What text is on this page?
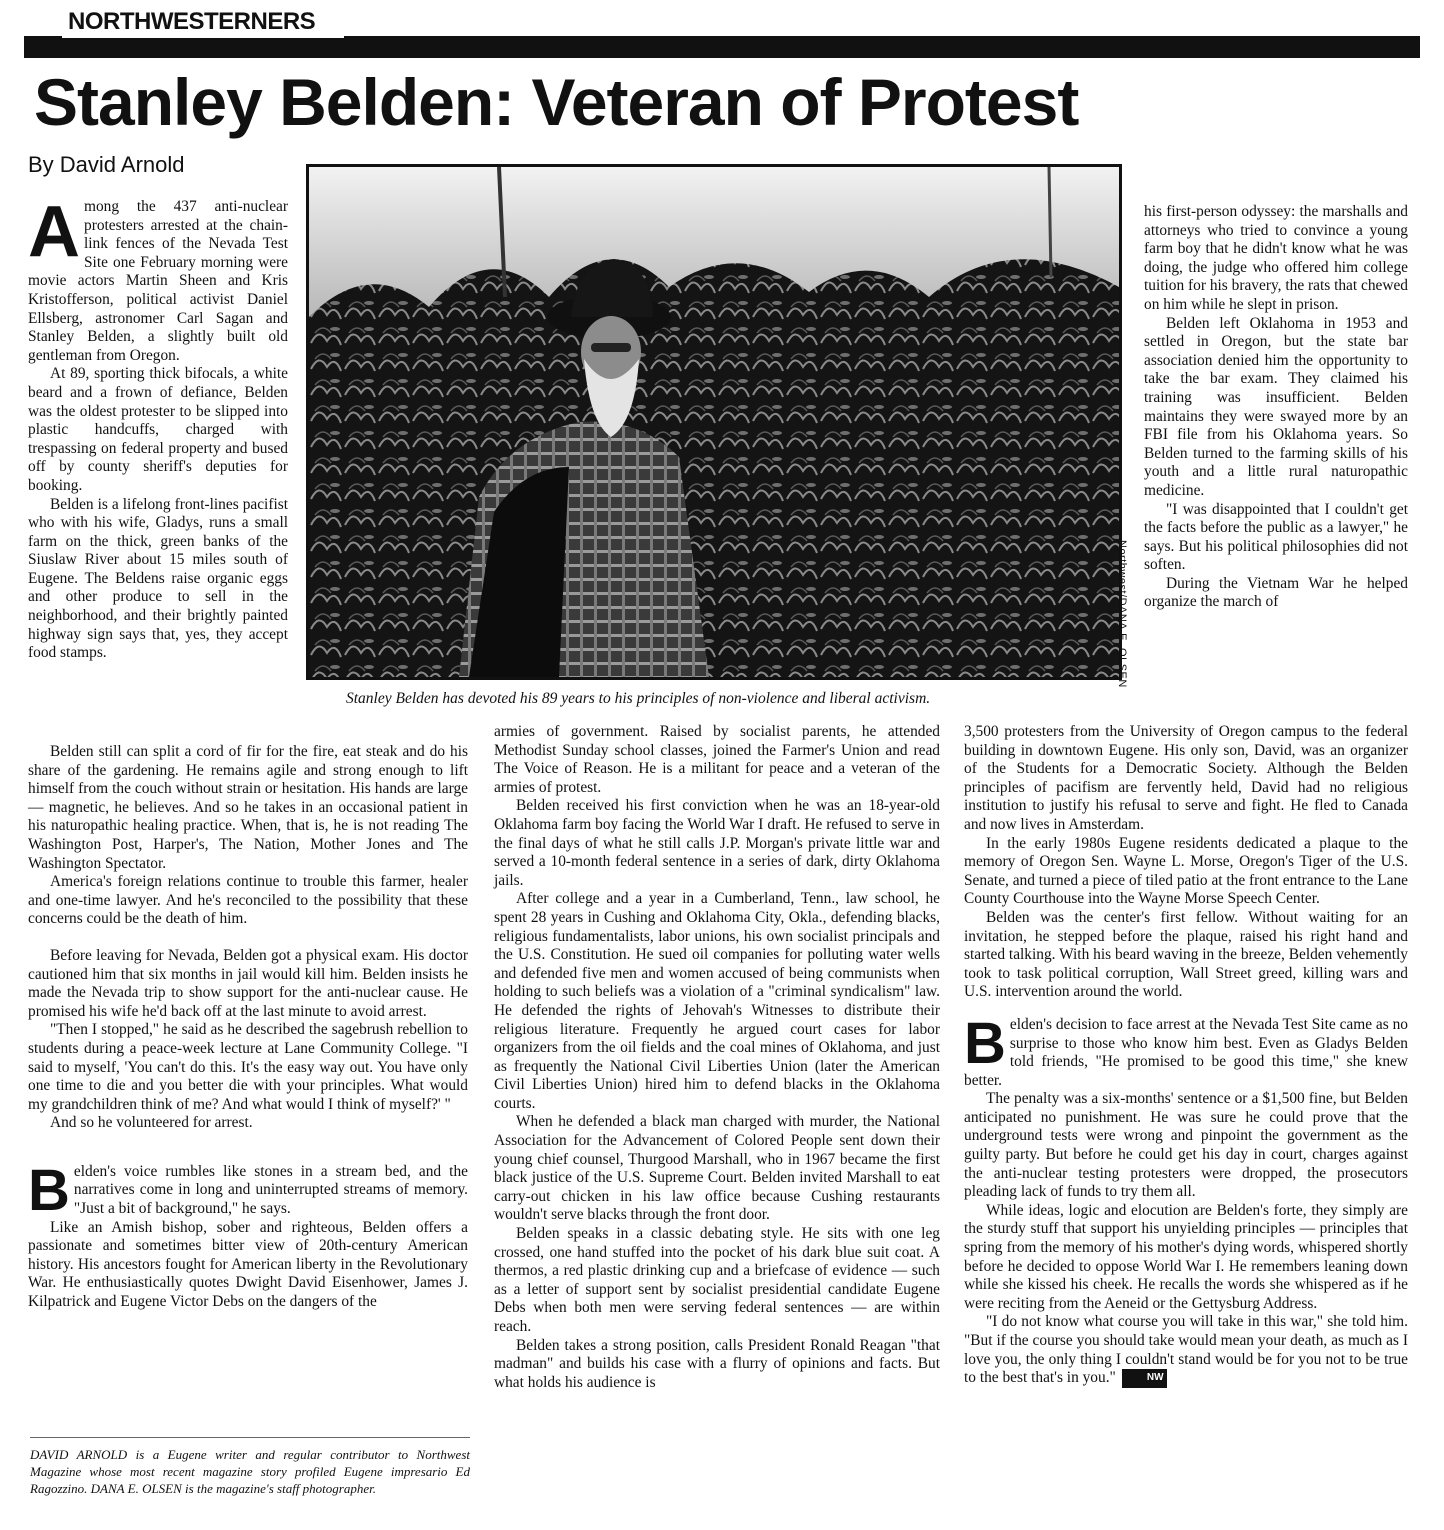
NORTHWESTERNERS
Stanley Belden: Veteran of Protest
By David Arnold

Among the 437 anti-nuclear protesters arrested at the chain-link fences of the Nevada Test Site one February morning were movie actors Martin Sheen and Kris Kristofferson, political activist Daniel Ellsberg, astronomer Carl Sagan and Stanley Belden, a slightly built old gentleman from Oregon.

At 89, sporting thick bifocals, a white beard and a frown of defiance, Belden was the oldest protester to be slipped into plastic handcuffs, charged with trespassing on federal property and bused off by county sheriff's deputies for booking.

Belden is a lifelong front-lines pacifist who with his wife, Gladys, runs a small farm on the thick, green banks of the Siuslaw River about 15 miles south of Eugene. The Beldens raise organic eggs and other produce to sell in the neighborhood, and their brightly painted highway sign says that, yes, they accept food stamps.	Northwest/DANA E. OLSEN
Stanley Belden has devoted his 89 years to his principles of non-violence and liberal activism.

his first-person odyssey: the marshalls and attorneys who tried to convince a young farm boy that he didn't know what he was doing, the judge who offered him college tuition for his bravery, the rats that chewed on him while he slept in prison.

Belden left Oklahoma in 1953 and settled in Oregon, but the state bar association denied him the opportunity to take the bar exam. They claimed his training was insufficient. Belden maintains they were swayed more by an FBI file from his Oklahoma years. So Belden turned to the farming skills of his youth and a little rural naturopathic medicine.

"I was disappointed that I couldn't get the facts before the public as a lawyer," he says. But his political philosophies did not soften.

During the Vietnam War he helped organize the march of

Belden still can split a cord of fir for the fire, eat steak and do his share of the gardening. He remains agile and strong enough to lift himself from the couch without strain or hesitation. His hands are large — magnetic, he believes. And so he takes in an occasional patient in his naturopathic healing practice. When, that is, he is not reading The Washington Post, Harper's, The Nation, Mother Jones and The Washington Spectator.

America's foreign relations continue to trouble this farmer, healer and one-time lawyer. And he's reconciled to the possibility that these concerns could be the death of him.

Before leaving for Nevada, Belden got a physical exam. His doctor cautioned him that six months in jail would kill him. Belden insists he made the Nevada trip to show support for the anti-nuclear cause. He promised his wife he'd back off at the last minute to avoid arrest.

"Then I stopped," he said as he described the sagebrush rebellion to students during a peace-week lecture at Lane Community College. "I said to myself, 'You can't do this. It's the easy way out. You have only one time to die and you better die with your principles. What would my grandchildren think of me? And what would I think of myself?' "

And so he volunteered for arrest.

Belden's voice rumbles like stones in a stream bed, and the narratives come in long and uninterrupted streams of memory. "Just a bit of background," he says.

Like an Amish bishop, sober and righteous, Belden offers a passionate and sometimes bitter view of 20th-century American history. His ancestors fought for American liberty in the Revolutionary War. He enthusiastically quotes Dwight David Eisenhower, James J. Kilpatrick and Eugene Victor Debs on the dangers of the

DAVID ARNOLD is a Eugene writer and regular contributor to Northwest Magazine whose most recent magazine story profiled Eugene impresario Ed Ragozzino. DANA E. OLSEN is the magazine's staff photographer.

armies of government. Raised by socialist parents, he attended Methodist Sunday school classes, joined the Farmer's Union and read The Voice of Reason. He is a militant for peace and a veteran of the armies of protest.

Belden received his first conviction when he was an 18-year-old Oklahoma farm boy facing the World War I draft. He refused to serve in the final days of what he still calls J.P. Morgan's private little war and served a 10-month federal sentence in a series of dark, dirty Oklahoma jails.

After college and a year in a Cumberland, Tenn., law school, he spent 28 years in Cushing and Oklahoma City, Okla., defending blacks, religious fundamentalists, labor unions, his own socialist principals and the U.S. Constitution. He sued oil companies for polluting water wells and defended five men and women accused of being communists when holding to such beliefs was a violation of a "criminal syndicalism" law. He defended the rights of Jehovah's Witnesses to distribute their religious literature. Frequently he argued court cases for labor organizers from the oil fields and the coal mines of Oklahoma, and just as frequently the National Civil Liberties Union (later the American Civil Liberties Union) hired him to defend blacks in the Oklahoma courts.

When he defended a black man charged with murder, the National Association for the Advancement of Colored People sent down their young chief counsel, Thurgood Marshall, who in 1967 became the first black justice of the U.S. Supreme Court. Belden invited Marshall to eat carry-out chicken in his law office because Cushing restaurants wouldn't serve blacks through the front door.

Belden speaks in a classic debating style. He sits with one leg crossed, one hand stuffed into the pocket of his dark blue suit coat. A thermos, a red plastic drinking cup and a briefcase of evidence — such as a letter of support sent by socialist presidential candidate Eugene Debs when both men were serving federal sentences — are within reach.

Belden takes a strong position, calls President Ronald Reagan "that madman" and builds his case with a flurry of opinions and facts. But what holds his audience is

3,500 protesters from the University of Oregon campus to the federal building in downtown Eugene. His only son, David, was an organizer of the Students for a Democratic Society. Although the Belden principles of pacifism are fervently held, David had no religious institution to justify his refusal to serve and fight. He fled to Canada and now lives in Amsterdam.

In the early 1980s Eugene residents dedicated a plaque to the memory of Oregon Sen. Wayne L. Morse, Oregon's Tiger of the U.S. Senate, and turned a piece of tiled patio at the front entrance to the Lane County Courthouse into the Wayne Morse Speech Center.

Belden was the center's first fellow. Without waiting for an invitation, he stepped before the plaque, raised his right hand and started talking. With his beard waving in the breeze, Belden vehemently took to task political corruption, Wall Street greed, killing wars and U.S. intervention around the world.

Belden's decision to face arrest at the Nevada Test Site came as no surprise to those who know him best. Even as Gladys Belden told friends, "He promised to be good this time," she knew better.

The penalty was a six-months' sentence or a $1,500 fine, but Belden anticipated no punishment. He was sure he could prove that the underground tests were wrong and pinpoint the government as the guilty party. But before he could get his day in court, charges against the anti-nuclear testing protesters were dropped, the prosecutors pleading lack of funds to try them all.

While ideas, logic and elocution are Belden's forte, they simply are the sturdy stuff that support his unyielding principles — principles that spring from the memory of his mother's dying words, whispered shortly before he decided to oppose World War I. He remembers leaning down while she kissed his cheek. He recalls the words she whispered as if he were reciting from the Aeneid or the Gettysburg Address.

"I do not know what course you will take in this war," she told him. "But if the course you should take would mean your death, as much as I love you, the only thing I couldn't stand would be for you not to be true to the best that's in you."	NW
